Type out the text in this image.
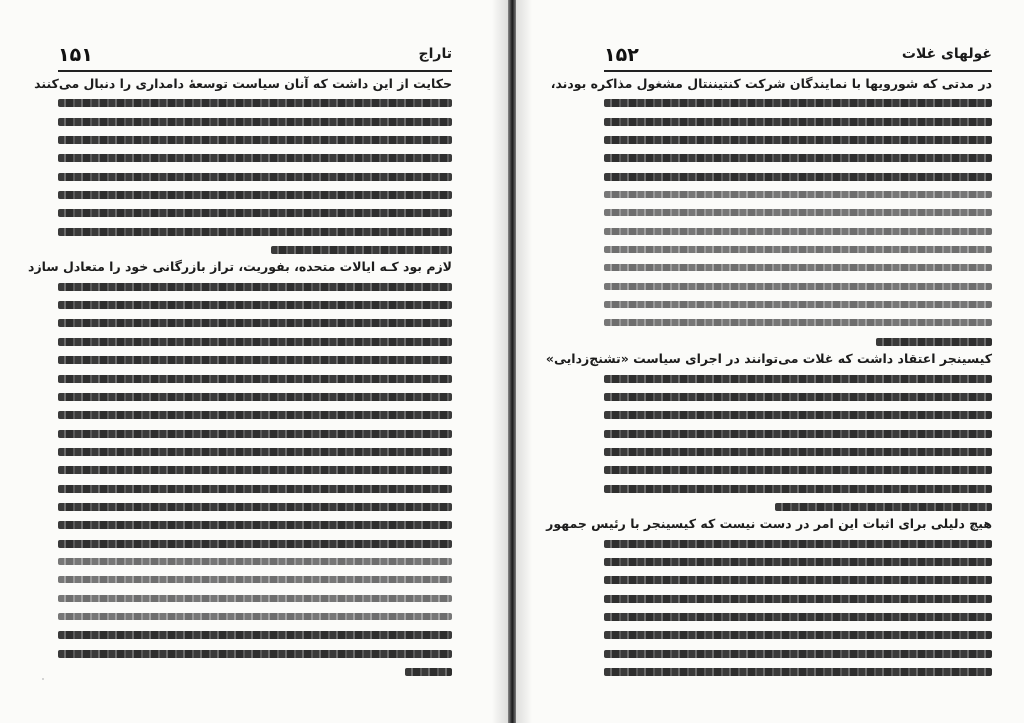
تاراج
۱۵۱
حکایت از این داشت که آنان سیاست توسعهٔ دامداری را دنبال می‌کنند
لازم بود کـه ایالات متحده، بفوریت، تراز بازرگانی خود را متعادل سازد
غولهای غلات
۱۵۲
در مدتی که شورویها با نمایندگان شرکت کنتیننتال مشغول مذاکره بودند،
کیسینجر اعتقاد داشت که غلات می‌توانند در اجرای سیاست «تشنج‌زدایی»
هیچ دلیلی برای اثبات این امر در دست نیست که کیسینجر با رئیس جمهور
